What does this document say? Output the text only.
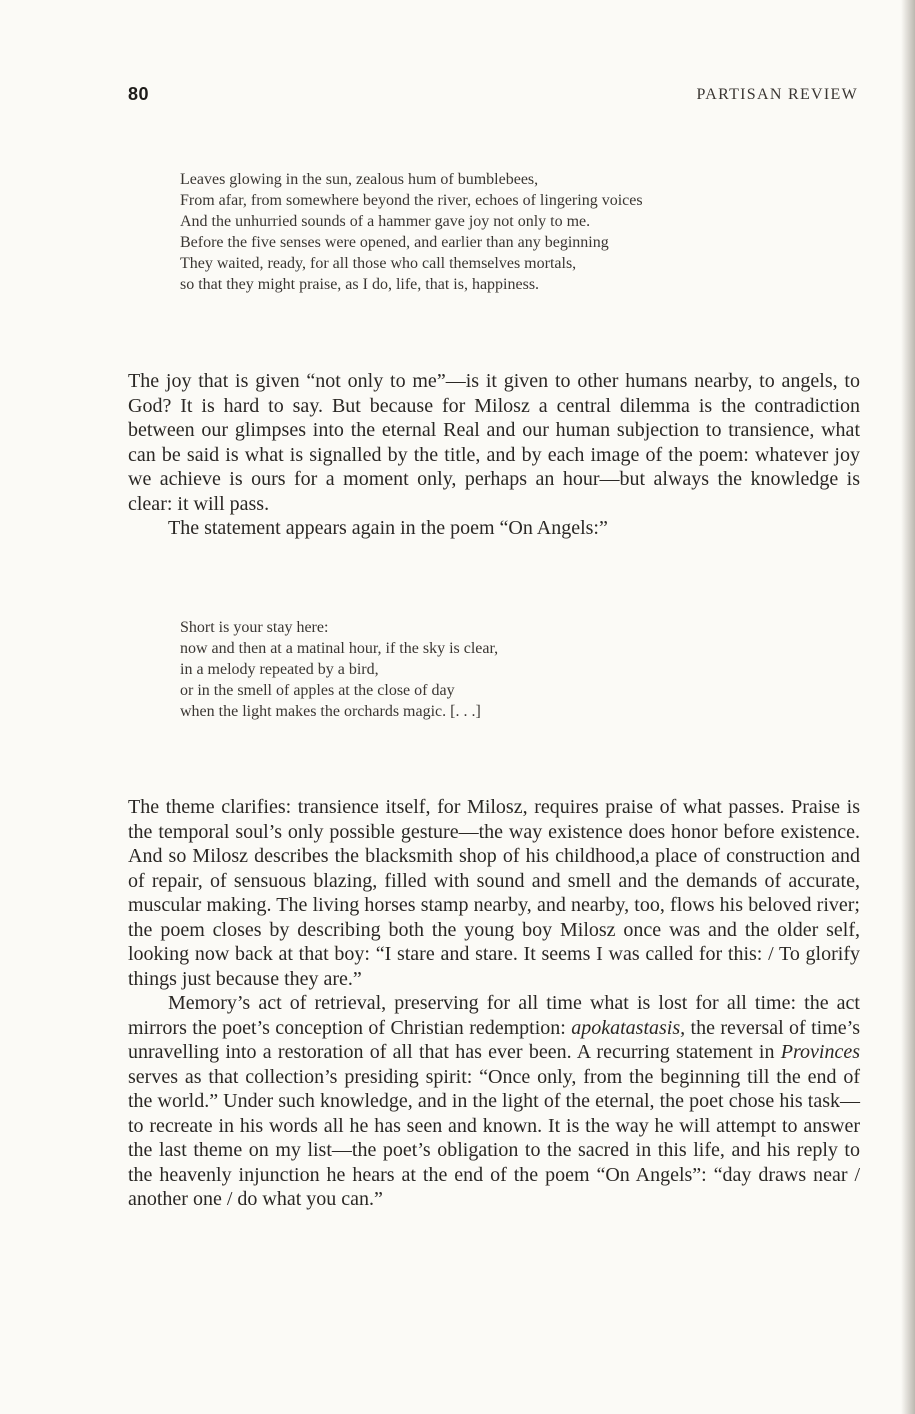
80	PARTISAN REVIEW
Leaves glowing in the sun, zealous hum of bumblebees,
From afar, from somewhere beyond the river, echoes of lingering voices
And the unhurried sounds of a hammer gave joy not only to me.
Before the five senses were opened, and earlier than any beginning
They waited, ready, for all those who call themselves mortals,
so that they might praise, as I do, life, that is, happiness.

The joy that is given “not only to me”—is it given to other humans nearby, to angels, to God? It is hard to say. But because for Milosz a central dilemma is the contradiction between our glimpses into the eternal Real and our human subjection to transience, what can be said is what is signalled by the title, and by each image of the poem: whatever joy we achieve is ours for a moment only, perhaps an hour—but always the knowledge is clear: it will pass.

The statement appears again in the poem “On Angels:”

Short is your stay here:
now and then at a matinal hour, if the sky is clear,
in a melody repeated by a bird,
or in the smell of apples at the close of day
when the light makes the orchards magic. [. . .]

The theme clarifies: transience itself, for Milosz, requires praise of what passes. Praise is the temporal soul’s only possible gesture—the way existence does honor before existence. And so Milosz describes the blacksmith shop of his childhood,a place of construction and of repair, of sensuous blazing, filled with sound and smell and the demands of accurate, muscular making. The living horses stamp nearby, and nearby, too, flows his beloved river; the poem closes by describing both the young boy Milosz once was and the older self, looking now back at that boy: “I stare and stare. It seems I was called for this: / To glorify things just because they are.”

Memory’s act of retrieval, preserving for all time what is lost for all time: the act mirrors the poet’s conception of Christian redemption: apokatastasis, the reversal of time’s unravelling into a restoration of all that has ever been. A recurring statement in Provinces serves as that collection’s presiding spirit: “Once only, from the beginning till the end of the world.” Under such knowledge, and in the light of the eternal, the poet chose his task—to recreate in his words all he has seen and known. It is the way he will attempt to answer the last theme on my list—the poet’s obligation to the sacred in this life, and his reply to the heavenly injunction he hears at the end of the poem “On Angels”: “day draws near / another one / do what you can.”
